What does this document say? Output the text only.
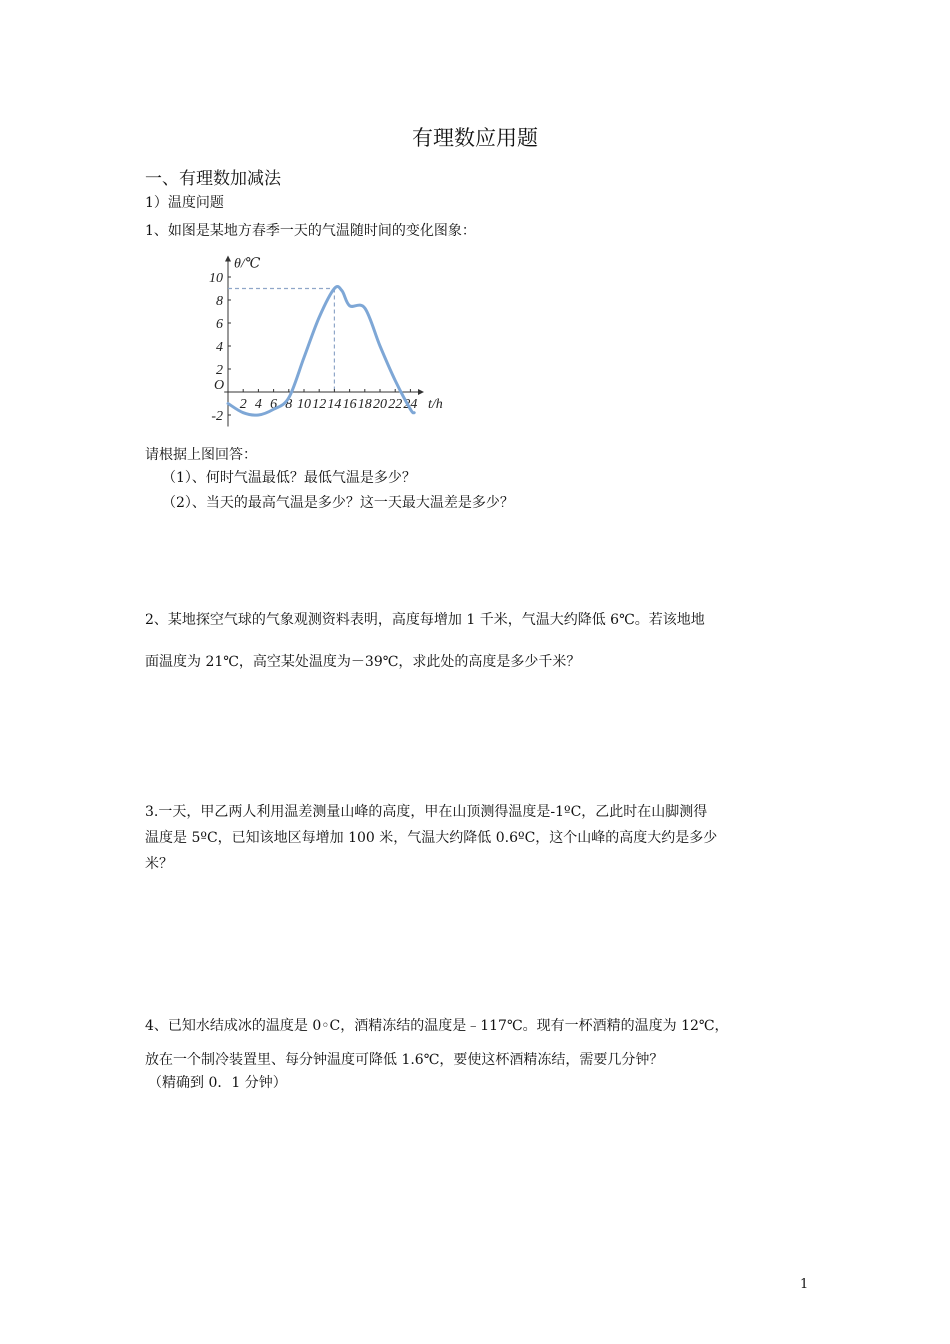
有理数应用题
一、有理数加减法
1）温度问题
1、如图是某地方春季一天的气温随时间的变化图象：
t/h
θ/℃
O
2 4 6 8 10 12 14 16 18 20 22 24
10
8
6
4
2
-2
请根据上图回答：
（1）、何时气温最低？最低气温是多少？
（2）、当天的最高气温是多少？这一天最大温差是多少？
2、某地探空气球的气象观测资料表明，高度每增加 1 千米，气温大约降低 6℃。若该地地
面温度为 21℃，高空某处温度为－39℃，求此处的高度是多少千米？
3.一天，甲乙两人利用温差测量山峰的高度，甲在山顶测得温度是-1ºC，乙此时在山脚测得
温度是 5ºC，已知该地区每增加 100 米，气温大约降低 0.6ºC，这个山峰的高度大约是多少
米？
4、已知水结成冰的温度是 0◦C，酒精冻结的温度是﹣117℃。现有一杯酒精的温度为 12℃，
放在一个制冷装置里、每分钟温度可降低 1.6℃，要使这杯酒精冻结，需要几分钟？
（精确到 0．1 分钟）
1
